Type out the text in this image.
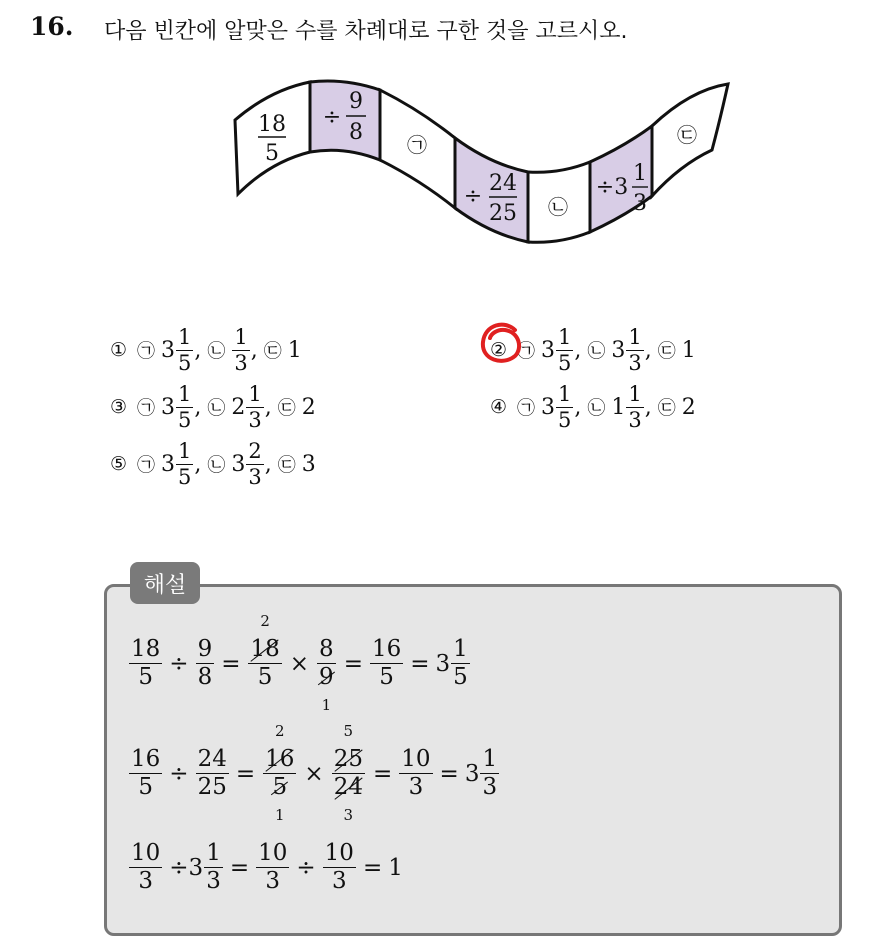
16. 다음 빈칸에 알맞은 수를 차례대로 구한 것을 고르시오.
18
5
÷
9
8 ㉠
÷
24
25 ㉡
÷3
1
3
㉢
① ㉠ 3
1
5 , ㉡
1
3 , ㉢ 1	② ㉠ 3
1
5 , ㉡ 3
1
3 , ㉢ 1
③ ㉠ 3
1
5 , ㉡ 2
1
3 , ㉢ 2	④ ㉠ 3
1
5 , ㉡ 1
1
3 , ㉢ 2
⑤ ㉠ 3
1
5 , ㉡ 3
2
3 , ㉢ 3
해설
$\frac{18}{5} \div \frac{9}{8}$ =
18
5
2
×
8
9
1
= $\frac{16}{5} = 3$
1
5
$\frac{16}{5} \div \frac{24}{25}$ =
16
5
2
1
×
25
24
5
3
= $\frac{10}{3} = 3$
1
3
$\frac{10}{3} \div 3 \frac{1}{3} = \frac{10}{3} \div \frac{10}{3} = 1$
